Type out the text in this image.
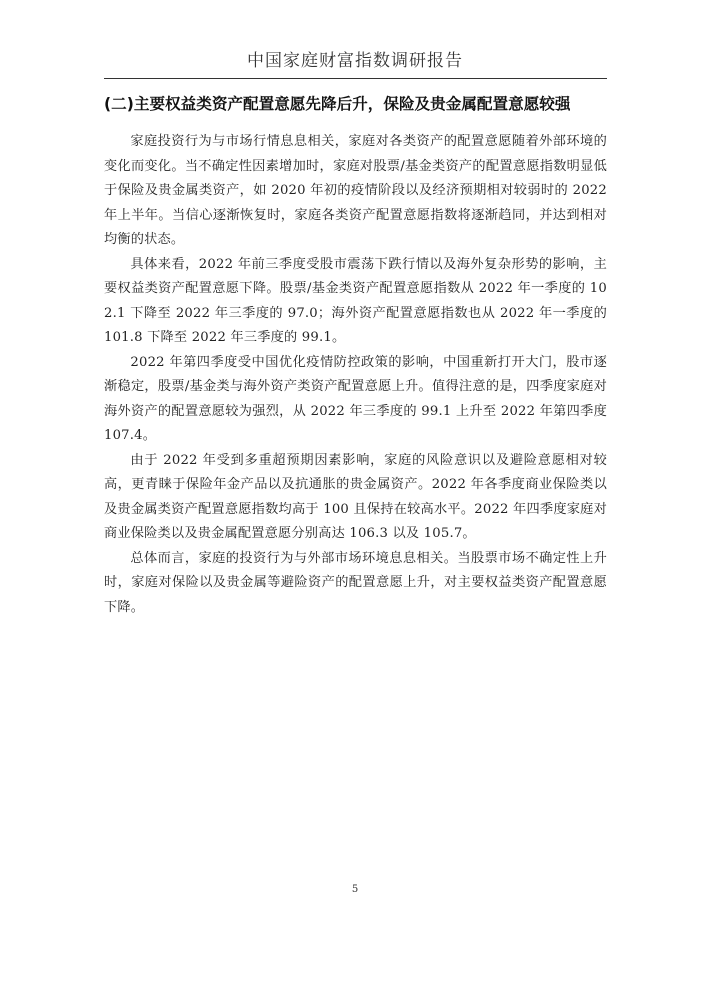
中国家庭财富指数调研报告
(二)主要权益类资产配置意愿先降后升，保险及贵金属配置意愿较强

家庭投资行为与市场行情息息相关，家庭对各类资产的配置意愿随着外部环境的变化而变化。当不确定性因素增加时，家庭对股票/基金类资产的配置意愿指数明显低于保险及贵金属类资产，如 2020 年初的疫情阶段以及经济预期相对较弱时的 2022 年上半年。当信心逐渐恢复时，家庭各类资产配置意愿指数将逐渐趋同，并达到相对均衡的状态。

具体来看，2022 年前三季度受股市震荡下跌行情以及海外复杂形势的影响，主要权益类资产配置意愿下降。股票/基金类资产配置意愿指数从 2022 年一季度的 102.1 下降至 2022 年三季度的 97.0；海外资产配置意愿指数也从 2022 年一季度的 101.8 下降至 2022 年三季度的 99.1。

2022 年第四季度受中国优化疫情防控政策的影响，中国重新打开大门，股市逐渐稳定，股票/基金类与海外资产类资产配置意愿上升。值得注意的是，四季度家庭对海外资产的配置意愿较为强烈，从 2022 年三季度的 99.1 上升至 2022 年第四季度 107.4。

由于 2022 年受到多重超预期因素影响，家庭的风险意识以及避险意愿相对较高，更青睐于保险年金产品以及抗通胀的贵金属资产。2022 年各季度商业保险类以及贵金属类资产配置意愿指数均高于 100 且保持在较高水平。2022 年四季度家庭对商业保险类以及贵金属配置意愿分别高达 106.3 以及 105.7。

总体而言，家庭的投资行为与外部市场环境息息相关。当股票市场不确定性上升时，家庭对保险以及贵金属等避险资产的配置意愿上升，对主要权益类资产配置意愿下降。

5
